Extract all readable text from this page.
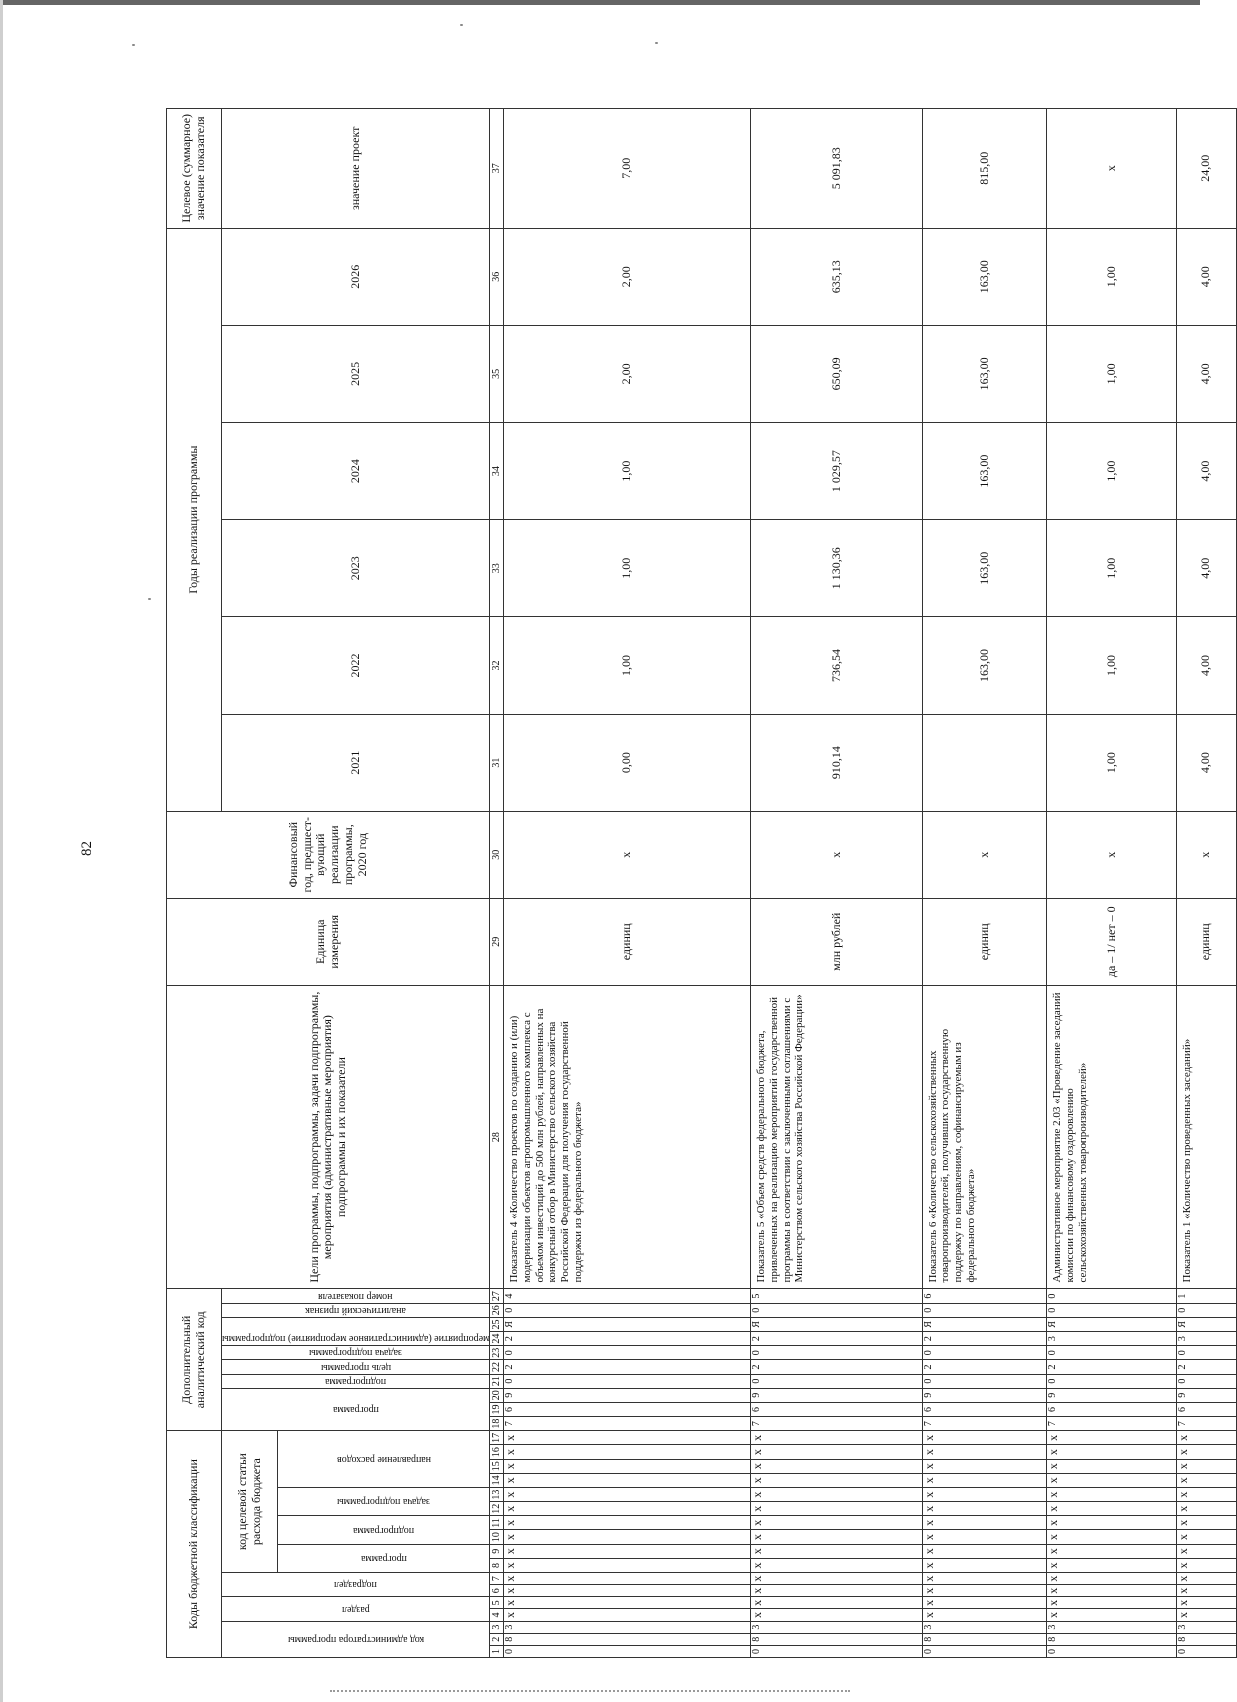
82
Коды бюджетной классификации																	Дополнительный аналитический код										Цели программы, подпрограммы, задачи подпрограммы, мероприятия (административные мероприятия) подпрограммы и их показатели	Единица измерения	Финансовый год, предшест-вующий реализации программы, 2020 год	Годы реализации программы						Целевое (суммарное) значение показателя

код администратора программы			раздел		подраздел		код целевой статьи расхода бюджета										программа			подпрограмма	цель программы	задача подпрограммы	мероприятие (административное мероприятие) подпрограммы		аналитический признак	номер показателя				2021	2022	2023	2024	2025	2026	значение проект

							программа		подпрограмма		задача подпрограммы		направление расходов																							

1	2	3	4	5	6	7	8	9	10	11	12	13	14	15	16	17	18	19	20	21	22	23	24	25	26	27	28	29	30	31	32	33	34	35	36	37
0	8	3	x	x	x	x	x	x	x	x	x	x	x	x	x	x	7	6	9	0	2	0	2	Я	0	4	Показатель 4 «Количество проектов по созданию и (или) модернизации объектов агропромышленного комплекса с объемом инвестиций до 500 млн рублей, направленных на конкурсный отбор в Министерство сельского хозяйства Российской Федерации для получения государственной поддержки из федерального бюджета»	единиц	x	0,00	1,00	1,00	1,00	2,00	2,00	7,00
0	8	3	x	x	x	x	x	x	x	x	x	x	x	x	x	x	7	6	9	0	2	0	2	Я	0	5	Показатель 5 «Объем средств федерального бюджета, привлеченных на реализацию мероприятий государственной программы в соответствии с заключенными соглашениями с Министерством сельского хозяйства Российской Федерации»	млн рублей	x	910,14	736,54	1 130,36	1 029,57	650,09	635,13	5 091,83
0	8	3	x	x	x	x	x	x	x	x	x	x	x	x	x	x	7	6	9	0	2	0	2	Я	0	6	Показатель 6 «Количество сельскохозяйственных товаропроизводителей, получивших государственную поддержку по направлениям, софинансируемым из федерального бюджета»	единиц	x		163,00	163,00	163,00	163,00	163,00	815,00
0	8	3	x	x	x	x	x	x	x	x	x	x	x	x	x	x	7	6	9	0	2	0	3	Я	0	0	Административное мероприятие 2.03 «Проведение заседаний комиссии по финансовому оздоровлению сельскохозяйственных товаропроизводителей»	да – 1/ нет – 0	x	1,00	1,00	1,00	1,00	1,00	1,00	x
0	8	3	x	x	x	x	x	x	x	x	x	x	x	x	x	x	7	6	9	0	2	0	3	Я	0	1	Показатель 1 «Количество проведенных заседаний»	единиц	x	4,00	4,00	4,00	4,00	4,00	4,00	24,00
